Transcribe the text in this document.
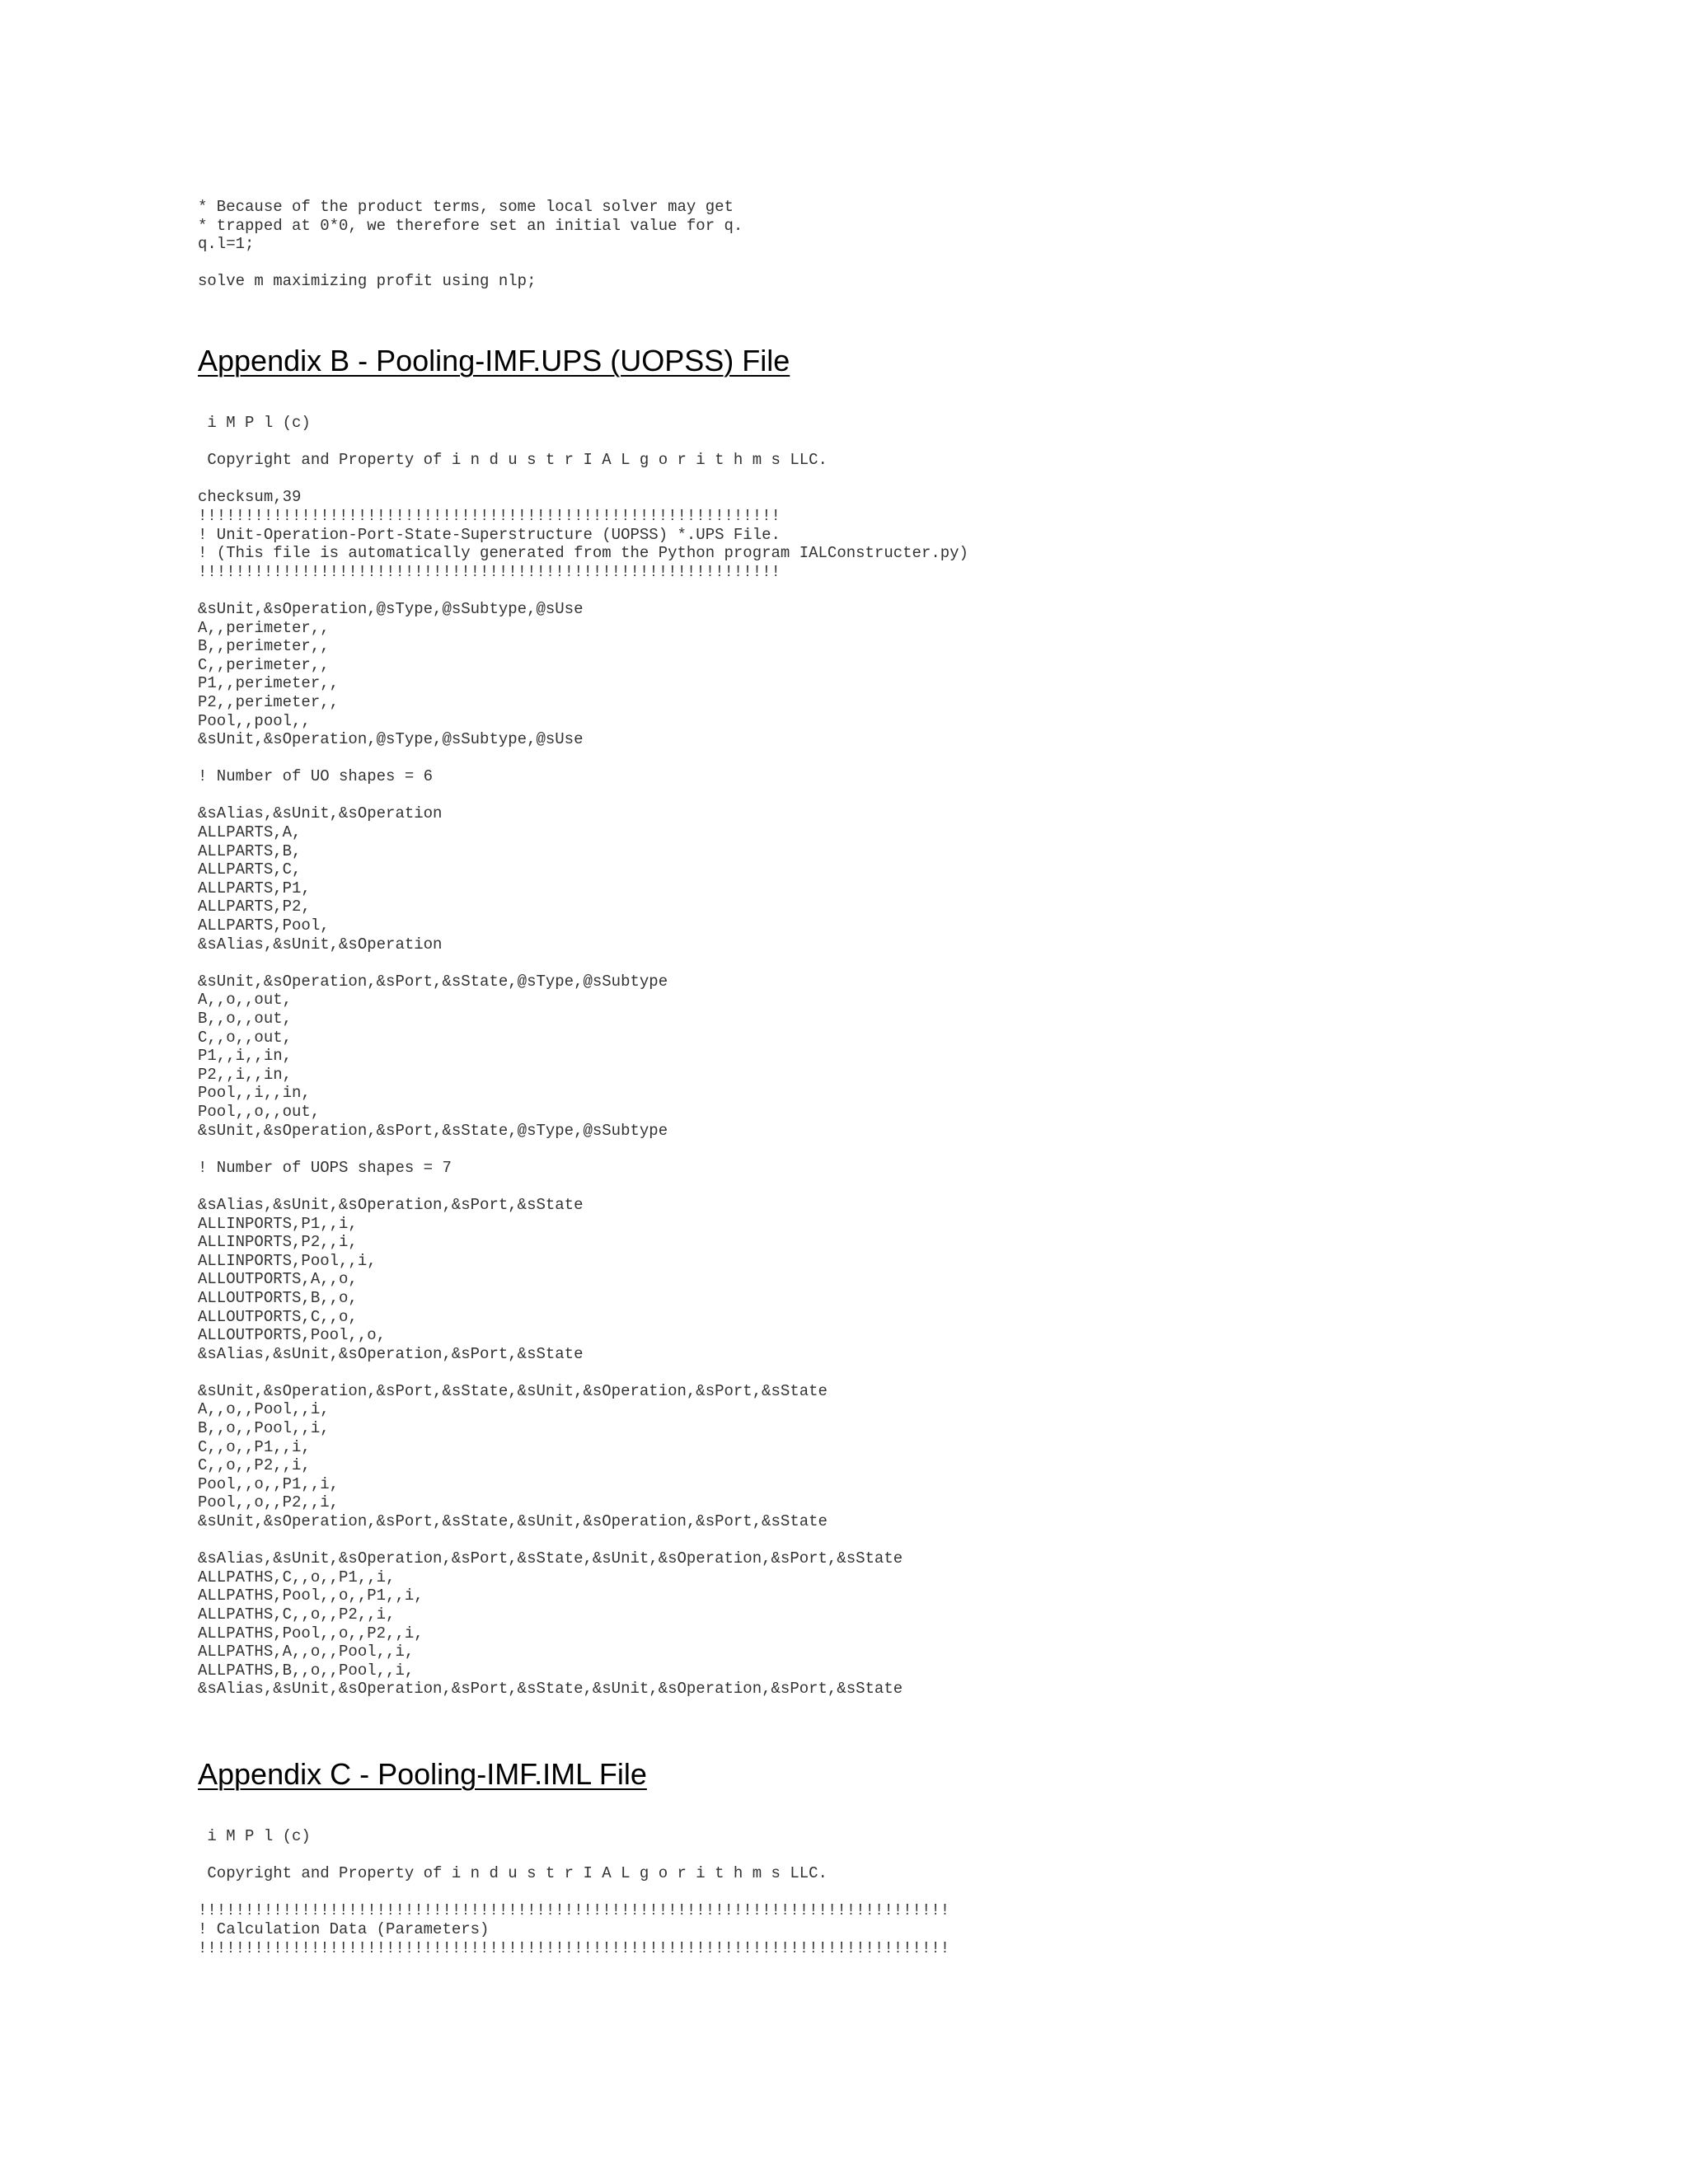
* Because of the product terms, some local solver may get
* trapped at 0*0, we therefore set an initial value for q.
q.l=1;

solve m maximizing profit using nlp;
Appendix B - Pooling-IMF.UPS (UOPSS) File
i M P l (c)

Copyright and Property of i n d u s t r I A L g o r i t h m s LLC.

checksum,39
!!!!!!!!!!!!!!!!!!!!!!!!!!!!!!!!!!!!!!!!!!!!!!!!!!!!!!!!!!!!!!
! Unit-Operation-Port-State-Superstructure (UOPSS) *.UPS File.
! (This file is automatically generated from the Python program IALConstructer.py)
!!!!!!!!!!!!!!!!!!!!!!!!!!!!!!!!!!!!!!!!!!!!!!!!!!!!!!!!!!!!!!

&sUnit,&sOperation,@sType,@sSubtype,@sUse
A,,perimeter,,
B,,perimeter,,
C,,perimeter,,
P1,,perimeter,,
P2,,perimeter,,
Pool,,pool,,
&sUnit,&sOperation,@sType,@sSubtype,@sUse

! Number of UO shapes = 6

&sAlias,&sUnit,&sOperation
ALLPARTS,A,
ALLPARTS,B,
ALLPARTS,C,
ALLPARTS,P1,
ALLPARTS,P2,
ALLPARTS,Pool,
&sAlias,&sUnit,&sOperation

&sUnit,&sOperation,&sPort,&sState,@sType,@sSubtype
A,,o,,out,
B,,o,,out,
C,,o,,out,
P1,,i,,in,
P2,,i,,in,
Pool,,i,,in,
Pool,,o,,out,
&sUnit,&sOperation,&sPort,&sState,@sType,@sSubtype

! Number of UOPS shapes = 7

&sAlias,&sUnit,&sOperation,&sPort,&sState
ALLINPORTS,P1,,i,
ALLINPORTS,P2,,i,
ALLINPORTS,Pool,,i,
ALLOUTPORTS,A,,o,
ALLOUTPORTS,B,,o,
ALLOUTPORTS,C,,o,
ALLOUTPORTS,Pool,,o,
&sAlias,&sUnit,&sOperation,&sPort,&sState

&sUnit,&sOperation,&sPort,&sState,&sUnit,&sOperation,&sPort,&sState
A,,o,,Pool,,i,
B,,o,,Pool,,i,
C,,o,,P1,,i,
C,,o,,P2,,i,
Pool,,o,,P1,,i,
Pool,,o,,P2,,i,
&sUnit,&sOperation,&sPort,&sState,&sUnit,&sOperation,&sPort,&sState

&sAlias,&sUnit,&sOperation,&sPort,&sState,&sUnit,&sOperation,&sPort,&sState
ALLPATHS,C,,o,,P1,,i,
ALLPATHS,Pool,,o,,P1,,i,
ALLPATHS,C,,o,,P2,,i,
ALLPATHS,Pool,,o,,P2,,i,
ALLPATHS,A,,o,,Pool,,i,
ALLPATHS,B,,o,,Pool,,i,
&sAlias,&sUnit,&sOperation,&sPort,&sState,&sUnit,&sOperation,&sPort,&sState
Appendix C - Pooling-IMF.IML File
i M P l (c)

Copyright and Property of i n d u s t r I A L g o r i t h m s LLC.

!!!!!!!!!!!!!!!!!!!!!!!!!!!!!!!!!!!!!!!!!!!!!!!!!!!!!!!!!!!!!!!!!!!!!!!!!!!!!!!!
! Calculation Data (Parameters)
!!!!!!!!!!!!!!!!!!!!!!!!!!!!!!!!!!!!!!!!!!!!!!!!!!!!!!!!!!!!!!!!!!!!!!!!!!!!!!!!
